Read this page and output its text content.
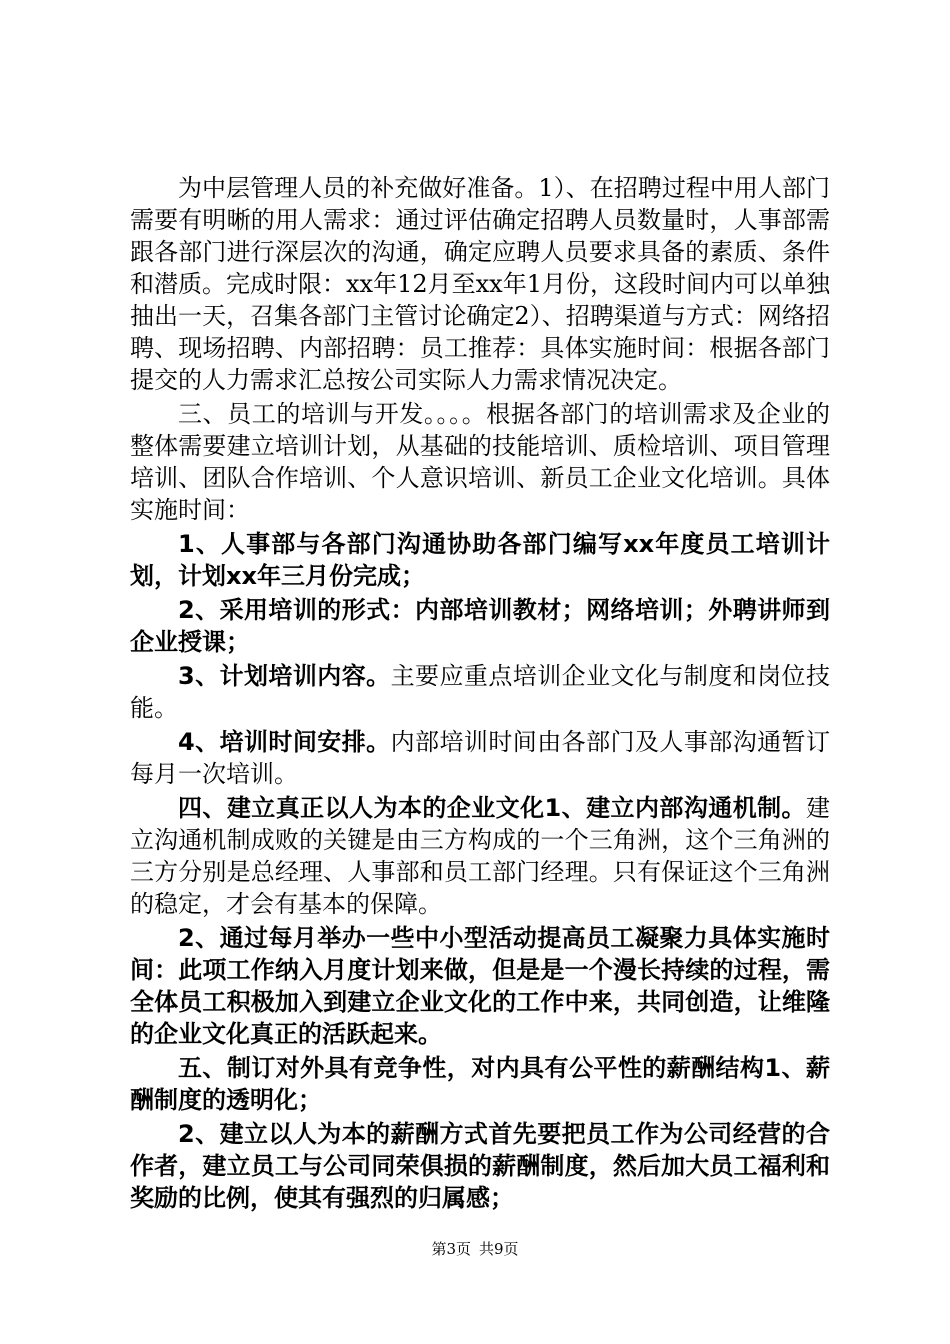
为中层管理人员的补充做好准备。1）、在招聘过程中用人部门需要有明晰的用人需求：通过评估确定招聘人员数量时，人事部需跟各部门进行深层次的沟通，确定应聘人员要求具备的素质、条件和潜质。完成时限：xx年12月至xx年1月份，这段时间内可以单独抽出一天，召集各部门主管讨论确定2）、招聘渠道与方式：网络招聘、现场招聘、内部招聘：员工推荐：具体实施时间：根据各部门提交的人力需求汇总按公司实际人力需求情况决定。

三、员工的培训与开发。。。。根据各部门的培训需求及企业的整体需要建立培训计划，从基础的技能培训、质检培训、项目管理培训、团队合作培训、个人意识培训、新员工企业文化培训。具体实施时间：

1、人事部与各部门沟通协助各部门编写xx年度员工培训计划，计划xx年三月份完成；

2、采用培训的形式：内部培训教材；网络培训；外聘讲师到企业授课；

3、计划培训内容。主要应重点培训企业文化与制度和岗位技能。

4、培训时间安排。内部培训时间由各部门及人事部沟通暂订每月一次培训。

四、建立真正以人为本的企业文化1、建立内部沟通机制。建立沟通机制成败的关键是由三方构成的一个三角洲，这个三角洲的三方分别是总经理、人事部和员工部门经理。只有保证这个三角洲的稳定，才会有基本的保障。

2、通过每月举办一些中小型活动提高员工凝聚力具体实施时间：此项工作纳入月度计划来做，但是是一个漫长持续的过程，需全体员工积极加入到建立企业文化的工作中来，共同创造，让维隆的企业文化真正的活跃起来。

五、制订对外具有竞争性，对内具有公平性的薪酬结构1、薪酬制度的透明化；

2、建立以人为本的薪酬方式首先要把员工作为公司经营的合作者，建立员工与公司同荣俱损的薪酬制度，然后加大员工福利和奖励的比例，使其有强烈的归属感；

第3页 共9页
